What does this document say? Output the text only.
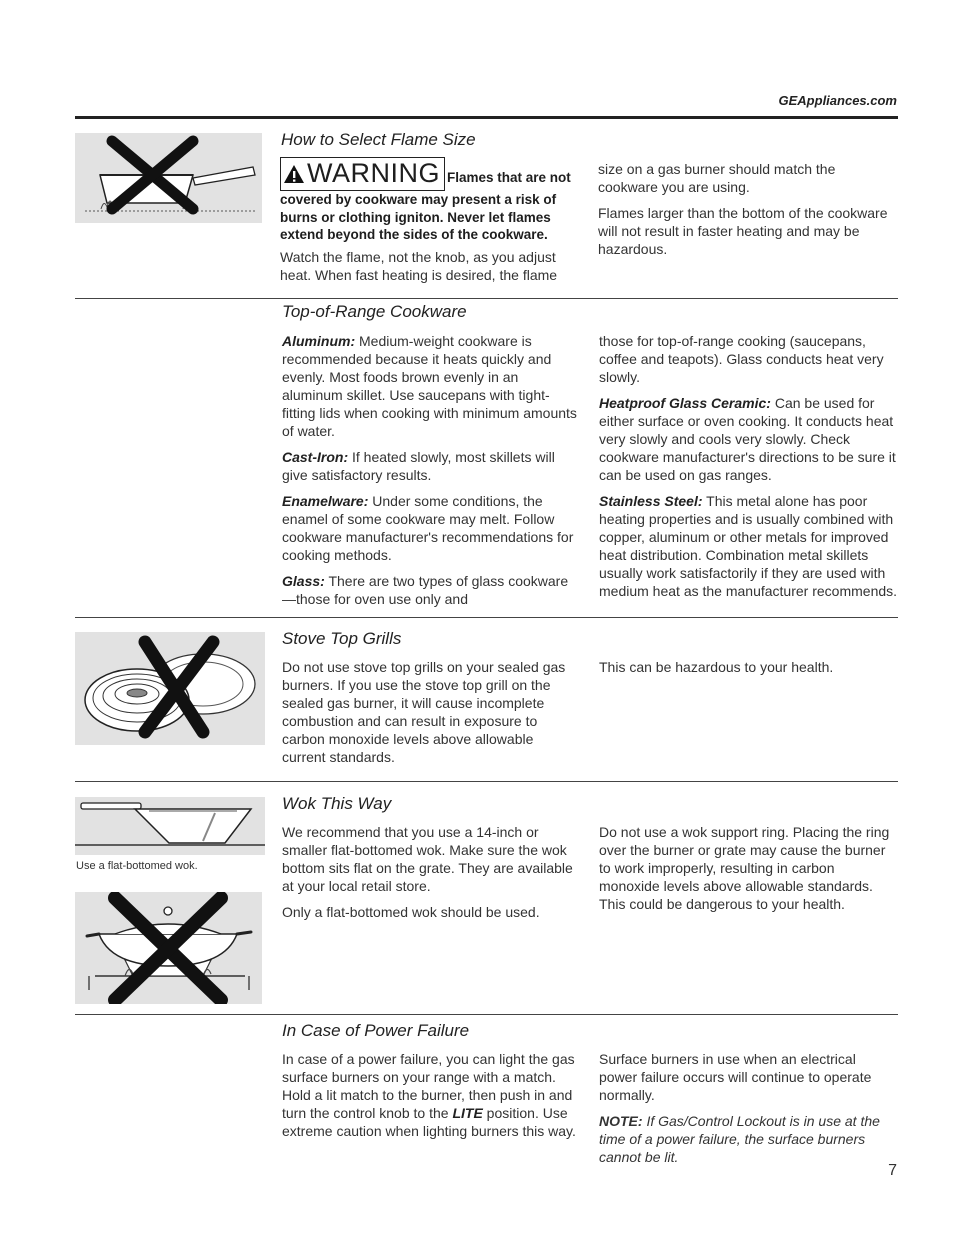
GEAppliances.com
How to Select Flame Size
WARNING Flames that are not covered by cookware may present a risk of burns or clothing igniton. Never let flames extend beyond the sides of the cookware.

Watch the flame, not the knob, as you adjust heat. When fast heating is desired, the flame

size on a gas burner should match the cookware you are using.

Flames larger than the bottom of the cookware will not result in faster heating and may be hazardous.

Top-of-Range Cookware

Aluminum: Medium-weight cookware is recommended because it heats quickly and evenly. Most foods brown evenly in an aluminum skillet. Use saucepans with tight-fitting lids when cooking with minimum amounts of water.

Cast-Iron: If heated slowly, most skillets will give satisfactory results.

Enamelware: Under some conditions, the enamel of some cookware may melt. Follow cookware manufacturer's recommendations for cooking methods.

Glass: There are two types of glass cookware—those for oven use only and

those for top-of-range cooking (saucepans, coffee and teapots). Glass conducts heat very slowly.

Heatproof Glass Ceramic: Can be used for either surface or oven cooking. It conducts heat very slowly and cools very slowly. Check cookware manufacturer's directions to be sure it can be used on gas ranges.

Stainless Steel: This metal alone has poor heating properties and is usually combined with copper, aluminum or other metals for improved heat distribution. Combination metal skillets usually work satisfactorily if they are used with medium heat as the manufacturer recommends.

Stove Top Grills

Do not use stove top grills on your sealed gas burners. If you use the stove top grill on the sealed gas burner, it will cause incomplete combustion and can result in exposure to carbon monoxide levels above allowable current standards.

This can be hazardous to your health.

Use a flat-bottomed wok.
Wok This Way

We recommend that you use a 14-inch or smaller flat-bottomed wok. Make sure the wok bottom sits flat on the grate. They are available at your local retail store.

Only a flat-bottomed wok should be used.

Do not use a wok support ring. Placing the ring over the burner or grate may cause the burner to work improperly, resulting in carbon monoxide levels above allowable standards. This could be dangerous to your health.

In Case of Power Failure

In case of a power failure, you can light the gas surface burners on your range with a match. Hold a lit match to the burner, then push in and turn the control knob to the LITE position. Use extreme caution when lighting burners this way.

Surface burners in use when an electrical power failure occurs will continue to operate normally.

NOTE: If Gas/Control Lockout is in use at the time of a power failure, the surface burners cannot be lit.

7
